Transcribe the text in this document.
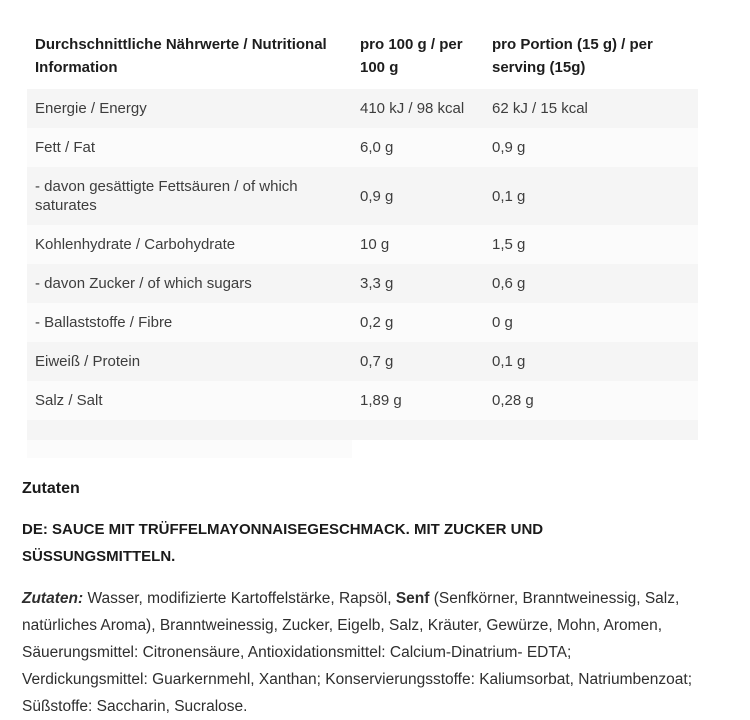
Durchschnittliche Nährwerte / Nutritional Information	pro 100 g / per 100 g	pro Portion (15 g) / per serving (15g)
Energie / Energy	410 kJ / 98 kcal	62 kJ / 15 kcal
Fett / Fat	6,0 g	0,9 g
- davon gesättigte Fettsäuren / of which saturates	0,9 g	0,1 g
Kohlenhydrate / Carbohydrate	10 g	1,5 g
- davon Zucker / of which sugars	3,3 g	0,6 g
- Ballaststoffe / Fibre	0,2 g	0 g
Eiweiß / Protein	0,7 g	0,1 g
Salz / Salt	1,89 g	0,28 g

Zutaten

DE: SAUCE MIT TRÜFFELMAYONNAISEGESCHMACK. MIT ZUCKER UND SÜSSUNGSMITTELN.

Zutaten: Wasser, modifizierte Kartoffelstärke, Rapsöl, Senf (Senfkörner, Branntweinessig, Salz, natürliches Aroma), Branntweinessig, Zucker, Eigelb, Salz, Kräuter, Gewürze, Mohn, Aromen, Säuerungsmittel: Citronensäure, Antioxidationsmittel: Calcium-Dinatrium- EDTA; Verdickungsmittel: Guarkernmehl, Xanthan; Konservierungsstoffe: Kaliumsorbat, Natriumbenzoat; Süßstoffe: Saccharin, Sucralose.
